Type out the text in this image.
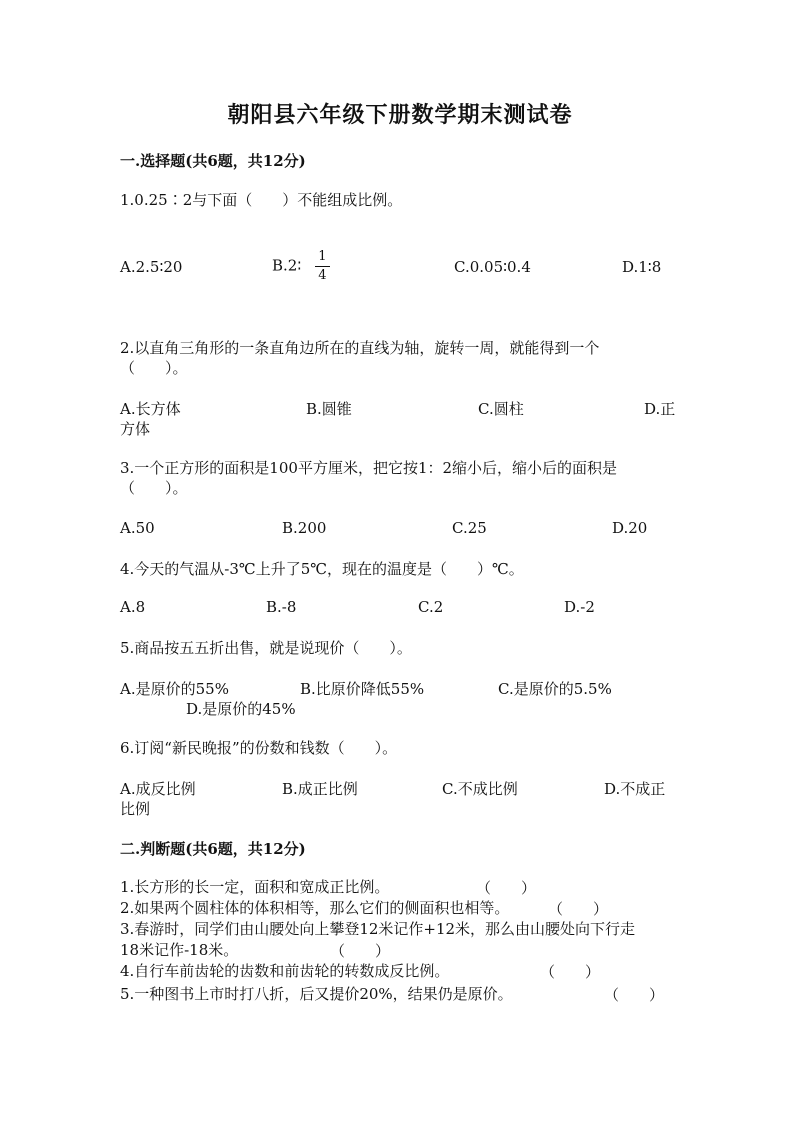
朝阳县六年级下册数学期末测试卷
一.选择题(共6题，共12分)
1.0.25∶2与下面（　　）不能组成比例。
A.2.5∶20	B.2∶ $\frac{1}{4}$	C.0.05∶0.4	D.1∶8
2.以直角三角形的一条直角边所在的直线为轴，旋转一周，就能得到一个（　　）。
A.长方体	B.圆锥	C.圆柱	D.正
方体
3.一个正方形的面积是100平方厘米，把它按1：2缩小后，缩小后的面积是（　　）。
A.50	B.200	C.25	D.20
4.今天的气温从-3℃上升了5℃，现在的温度是（　　）℃。
A.8	B.-8	C.2	D.-2
5.商品按五五折出售，就是说现价（　　）。
A.是原价的55%	B.比原价降低55%	C.是原价的5.5%
D.是原价的45%
6.订阅“新民晚报”的份数和钱数（　　）。
A.成反比例	B.成正比例	C.不成比例	D.不成正
比例
二.判断题(共6题，共12分)
1.长方形的长一定，面积和宽成正比例。	（　　）
2.如果两个圆柱体的体积相等，那么它们的侧面积也相等。	（　　）
3.春游时，同学们由山腰处向上攀登12米记作+12米，那么由山腰处向下行走
18米记作-18米。	（　　）
4.自行车前齿轮的齿数和前齿轮的转数成反比例。	（　　）
5.一种图书上市时打八折，后又提价20%，结果仍是原价。	（　　）
